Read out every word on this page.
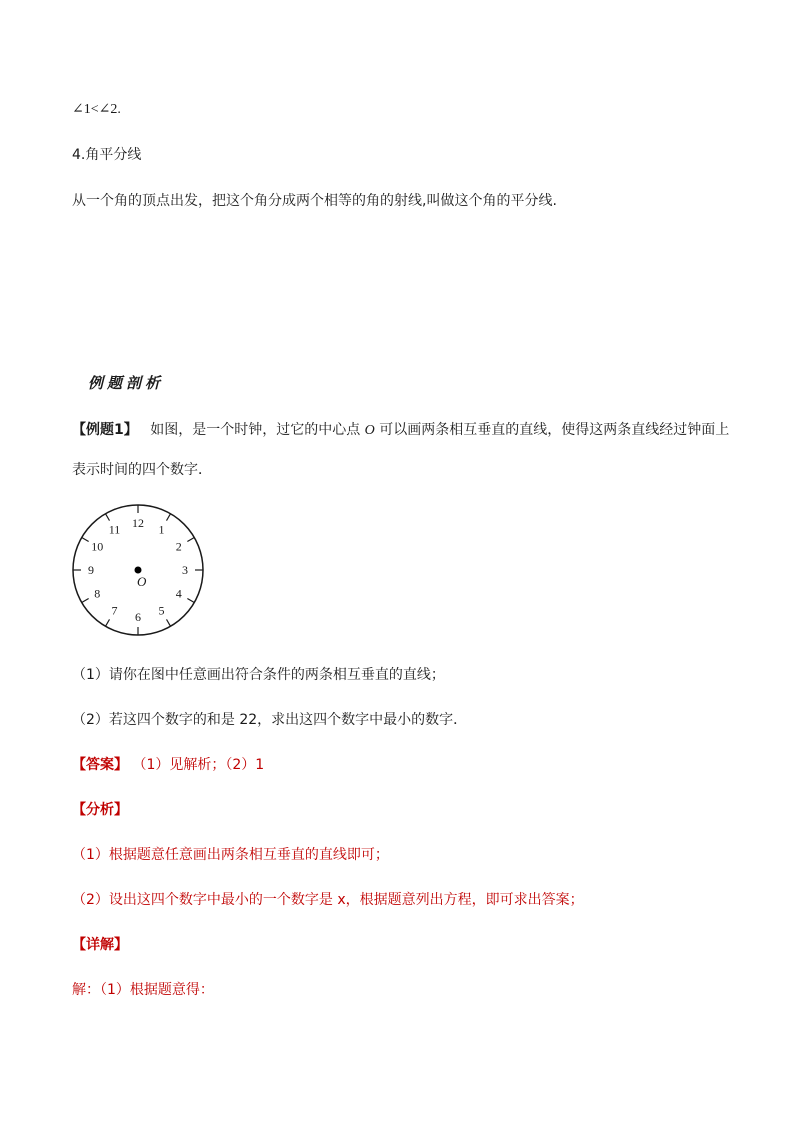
∠1<∠2.
4.角平分线
从一个角的顶点出发，把这个角分成两个相等的角的射线,叫做这个角的平分线.
例题剖析
【例题1】 如图，是一个时钟，过它的中心点 O 可以画两条相互垂直的直线，使得这两条直线经过钟面上
表示时间的四个数字．
12 1
2
3
4
5
6
7
8
9
10
11
O
（1）请你在图中任意画出符合条件的两条相互垂直的直线；
（2）若这四个数字的和是 22，求出这四个数字中最小的数字．
【答案】 （1）见解析；（2）1
【分析】
（1）根据题意任意画出两条相互垂直的直线即可；
（2）设出这四个数字中最小的一个数字是 x，根据题意列出方程，即可求出答案；
【详解】
解：（1）根据题意得：
